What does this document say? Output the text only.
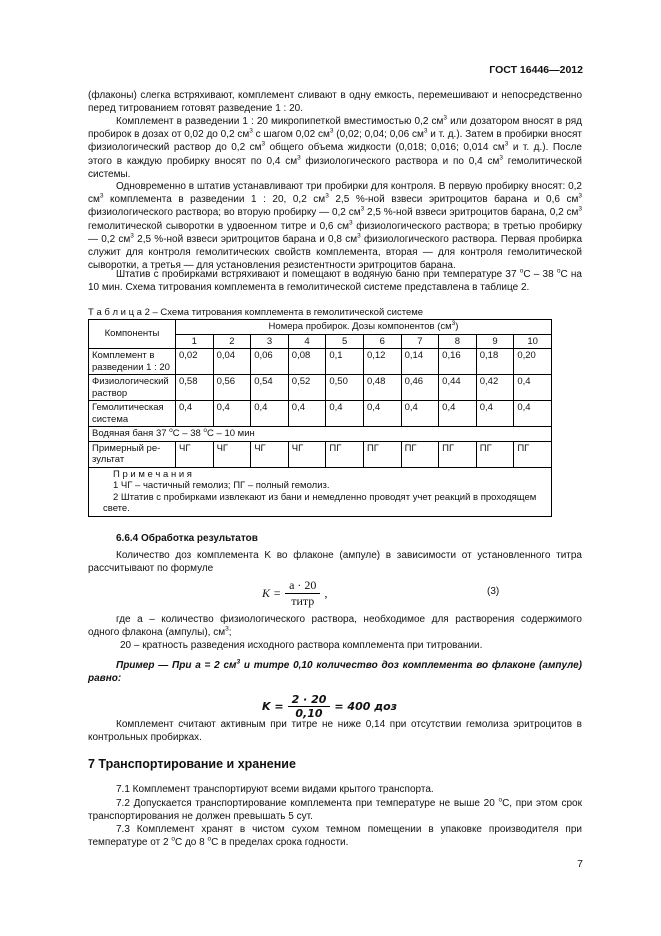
ГОСТ 16446—2012

(флаконы) слегка встряхивают, комплемент сливают в одну емкость, перемешивают и непосредственно перед титрованием готовят разведение 1 : 20.

Комплемент в разведении 1 : 20 микропипеткой вместимостью 0,2 $см^3$ или дозатором вносят в ряд пробирок в дозах от 0,02 до 0,2 $см^3$ с шагом 0,02 $см^3$ (0,02; 0,04; 0,06 $см^3$ и т. д.). Затем в пробирки вносят физиологический раствор до 0,2 $см^3$ общего объема жидкости (0,018; 0,016; 0,014 $см^3$ и т. д.). После этого в каждую пробирку вносят по 0,4 $см^3$ физиологического раствора и по 0,4 $см^3$ гемолитической системы.

Одновременно в штатив устанавливают три пробирки для контроля. В первую пробирку вносят: 0,2 $см^3$ комплемента в разведении 1 : 20, 0,2 $см^3$ 2,5 %-ной взвеси эритроцитов барана и 0,6 $см^3$ физиологического раствора; во вторую пробирку — 0,2 $см^3$ 2,5 %-ной взвеси эритроцитов барана, 0,2 $см^3$ гемолитической сыворотки в удвоенном титре и 0,6 $см^3$ физиологического раствора; в третью пробирку — 0,2 $см^3$ 2,5 %-ной взвеси эритроцитов барана и 0,8 $см^3$ физиологического раствора. Первая пробирка служит для контроля гемолитических свойств комплемента, вторая — для контроля гемолитической сыворотки, а третья — для установления резистентности эритроцитов барана.

Штатив с пробирками встряхивают и помещают в водяную баню при температуре 37 $^о$С – 38 $^о$С на 10 мин. Схема титрования комплемента в гемолитической системе представлена в таблице 2.

Т а б л и ц а 2 – Схема титрования комплемента в гемолитической системе
Компоненты	Номера пробирок. Дозы компонентов $(см^3)$									
	1	2	3	4	5	6	7	8	9	10
Комплемент в разведении 1 : 20	0,02	0,04	0,06	0,08	0,1	0,12	0,14	0,16	0,18	0,20
Физиологический раствор	0,58	0,56	0,54	0,52	0,50	0,48	0,46	0,44	0,42	0,4
Гемолитическая система	0,4	0,4	0,4	0,4	0,4	0,4	0,4	0,4	0,4	0,4
Водяная баня 37 $^о$С – 38 $^о$С – 10 мин										
Примерный результат	ЧГ	ЧГ	ЧГ	ЧГ	ПГ	ПГ	ПГ	ПГ	ПГ	ПГ

П р и м е ч а н и я
1 ЧГ – частичный гемолиз; ПГ – полный гемолиз.
2 Штатив с пробирками извлекают из бани и немедленно проводят учет реакций в проходящем свете.										
6.6.4 Обработка результатов

Количество доз комплемента K во флаконе (ампуле) в зависимости от установленного титра рассчитывают по формуле

$K = \frac{a \cdot 20}{\text{титр}}$ ,	(3)

где а – количество физиологического раствора, необходимое для растворения содержимого одного флакона (ампулы), $см^3$;

20 – кратность разведения исходного раствора комплемента при титровании.

Пример — При а = 2 $см^3$ и титре 0,10 количество доз комплемента во флаконе (ампуле) равно:

$K = \frac{2 \cdot 20}{0,10} = 400$ доз

Комплемент считают активным при титре не ниже 0,14 при отсутствии гемолиза эритроцитов в контрольных пробирках.

7 Транспортирование и хранение

7.1 Комплемент транспортируют всеми видами крытого транспорта.

7.2 Допускается транспортирование комплемента при температуре не выше 20 $^о$С, при этом срок транспортирования не должен превышать 5 сут.

7.3 Комплемент хранят в чистом сухом темном помещении в упаковке производителя при температуре от 2 $^о$С до 8 $^о$С в пределах срока годности.

7
